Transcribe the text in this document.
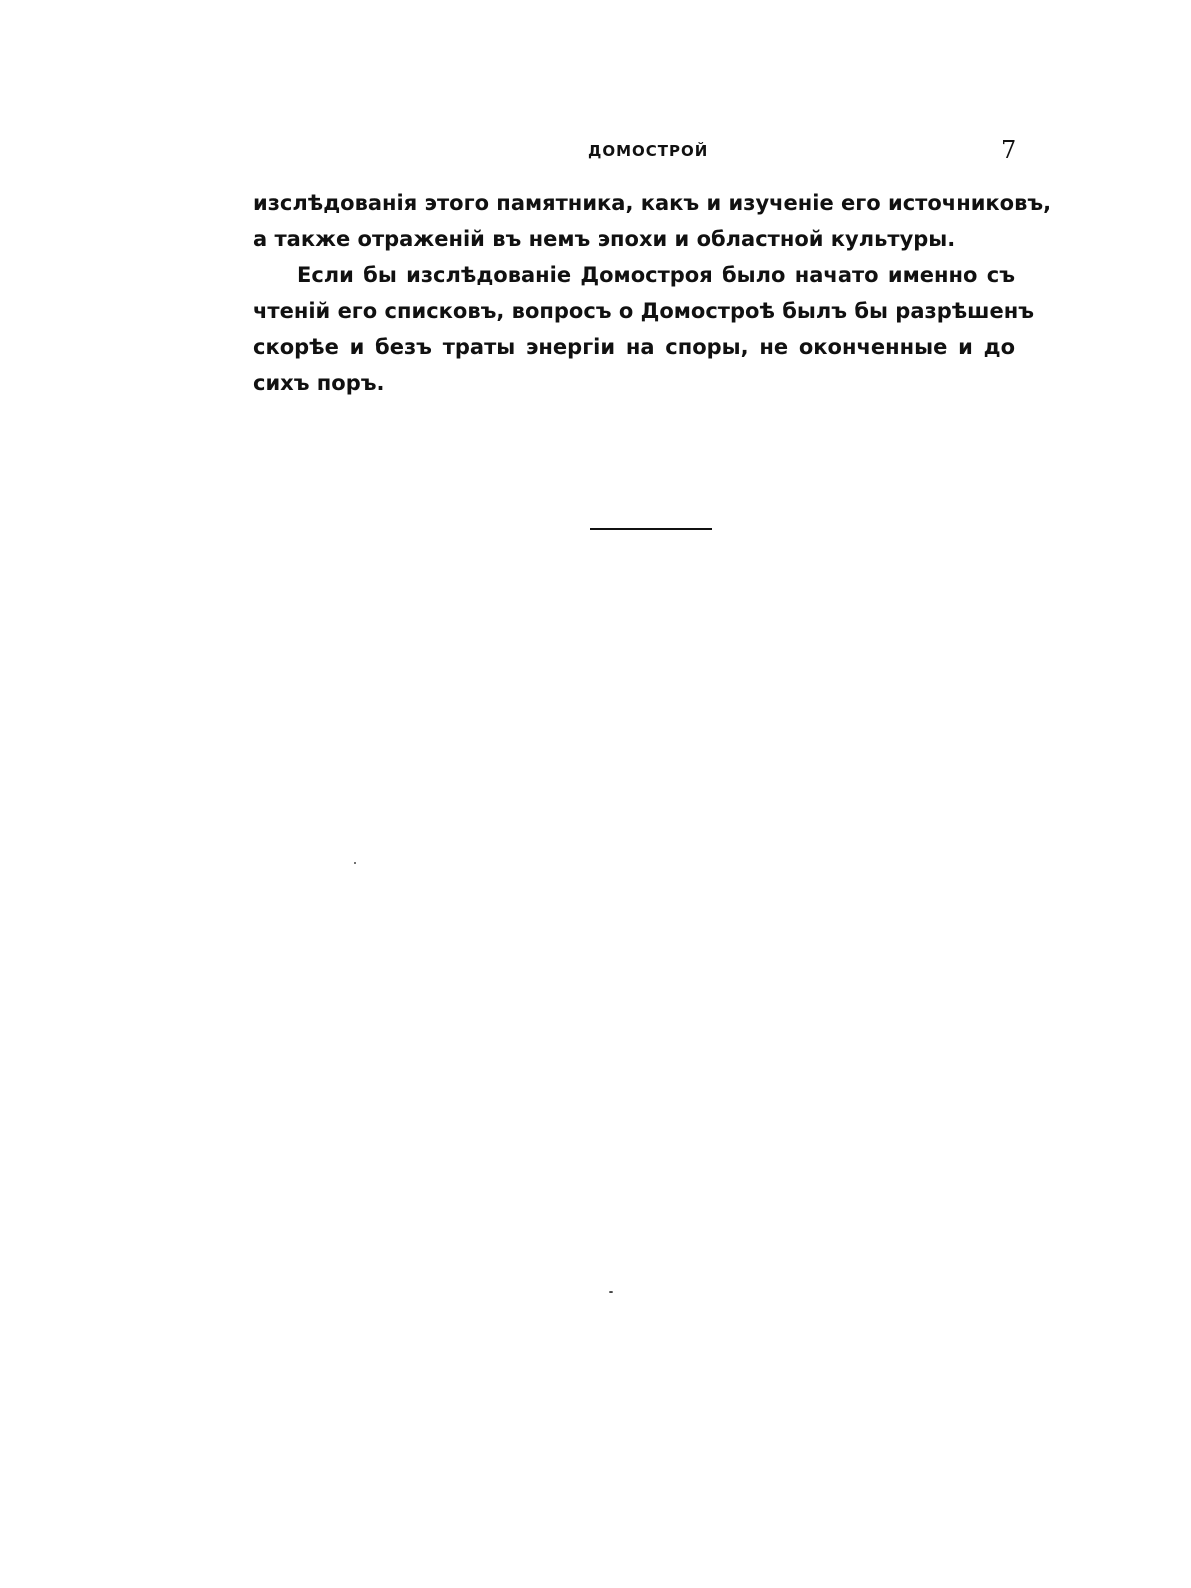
ДОМОСТРОЙ	7
изслѣдованія этого памятника, какъ и изученіе его источниковъ,
а также отраженій въ немъ эпохи и областной культуры.
Если бы изслѣдованіе Домостроя было начато именно съ
чтеній его списковъ, вопросъ о Домостроѣ былъ бы разрѣшенъ
скорѣе и безъ траты энергіи на споры, не оконченные и до
сихъ поръ.
